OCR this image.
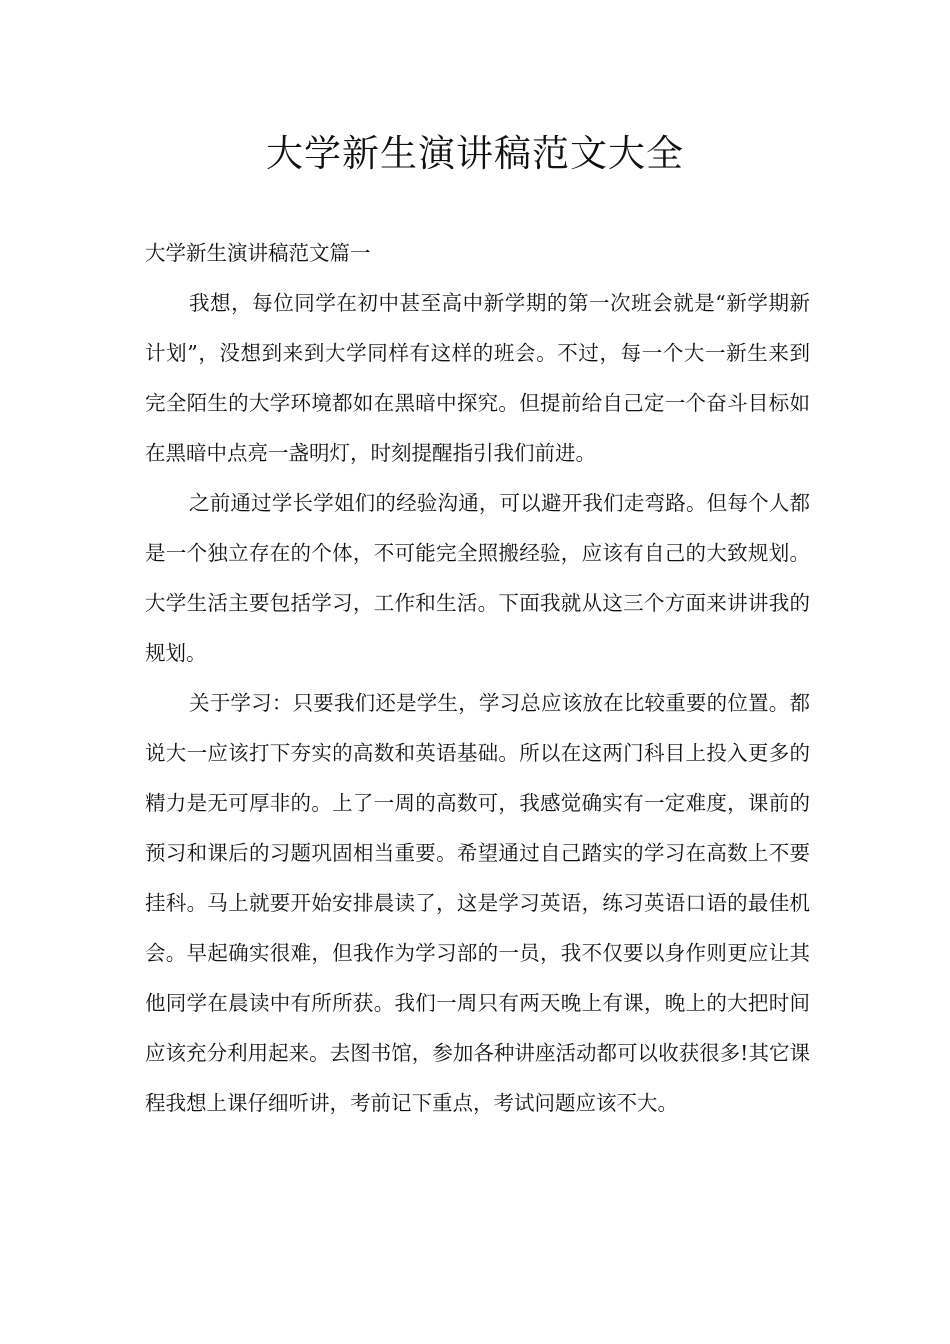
大学新生演讲稿范文大全

大学新生演讲稿范文篇一

我想，每位同学在初中甚至高中新学期的第一次班会就是“新学期新计划”，没想到来到大学同样有这样的班会。不过，每一个大一新生来到完全陌生的大学环境都如在黑暗中探究。但提前给自己定一个奋斗目标如在黑暗中点亮一盏明灯，时刻提醒指引我们前进。

之前通过学长学姐们的经验沟通，可以避开我们走弯路。但每个人都是一个独立存在的个体，不可能完全照搬经验，应该有自己的大致规划。大学生活主要包括学习，工作和生活。下面我就从这三个方面来讲讲我的规划。

关于学习：只要我们还是学生，学习总应该放在比较重要的位置。都说大一应该打下夯实的高数和英语基础。所以在这两门科目上投入更多的精力是无可厚非的。上了一周的高数可，我感觉确实有一定难度，课前的预习和课后的习题巩固相当重要。希望通过自己踏实的学习在高数上不要挂科。马上就要开始安排晨读了，这是学习英语，练习英语口语的最佳机会。早起确实很难，但我作为学习部的一员，我不仅要以身作则更应让其他同学在晨读中有所所获。我们一周只有两天晚上有课，晚上的大把时间应该充分利用起来。去图书馆，参加各种讲座活动都可以收获很多!其它课程我想上课仔细听讲，考前记下重点，考试问题应该不大。
